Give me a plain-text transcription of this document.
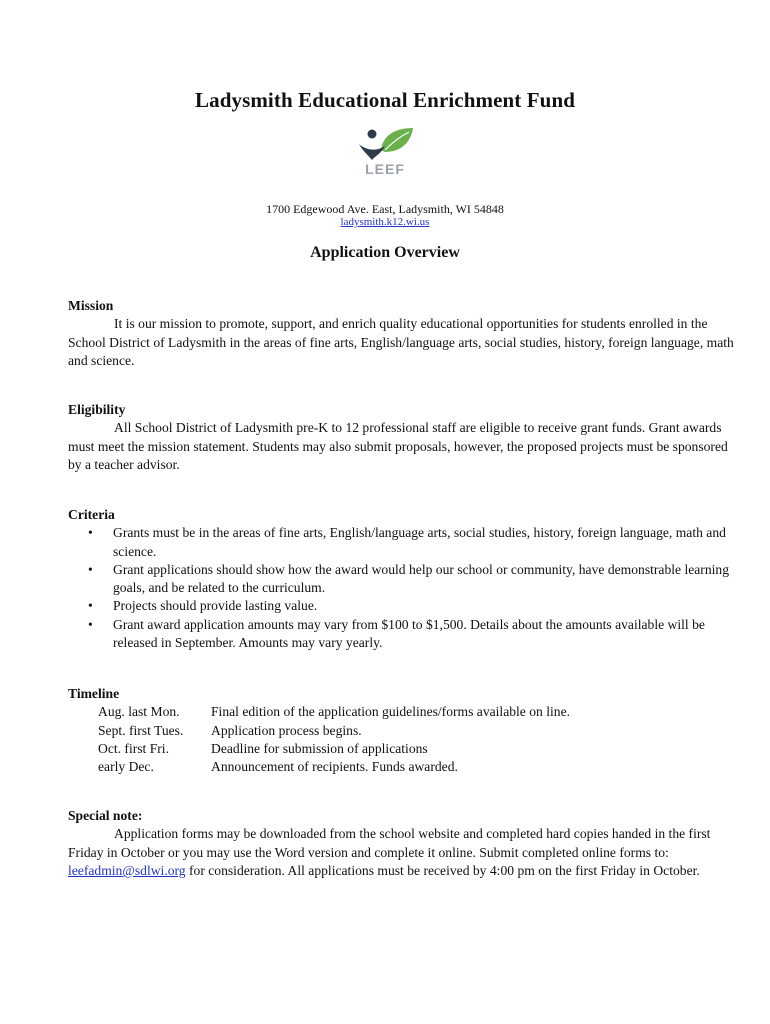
Ladysmith Educational Enrichment Fund
LEEF
1700 Edgewood Ave. East, Ladysmith, WI 54848
ladysmith.k12.wi.us
Application Overview
Mission

It is our mission to promote, support, and enrich quality educational opportunities for students enrolled in the School District of Ladysmith in the areas of fine arts, English/language arts, social studies, history, foreign language, math and science.

Eligibility

All School District of Ladysmith pre-K to 12 professional staff are eligible to receive grant funds. Grant awards must meet the mission statement. Students may also submit proposals, however, the proposed projects must be sponsored by a teacher advisor.

Criteria
• Grants must be in the areas of fine arts, English/language arts, social studies, history, foreign language, math and science.
• Grant applications should show how the award would help our school or community, have demonstrable learning goals, and be related to the curriculum.
• Projects should provide lasting value.
• Grant award application amounts may vary from $100 to $1,500. Details about the amounts available will be released in September. Amounts may vary yearly.
Timeline
Aug. last Mon.	Final edition of the application guidelines/forms available on line.
Sept. first Tues.	Application process begins.
Oct. first Fri.	Deadline for submission of applications
early Dec.	Announcement of recipients. Funds awarded.
Special note:

Application forms may be downloaded from the school website and completed hard copies handed in the first Friday in October or you may use the Word version and complete it online. Submit completed online forms to: leefadmin@sdlwi.org for consideration. All applications must be received by 4:00 pm on the first Friday in October.
